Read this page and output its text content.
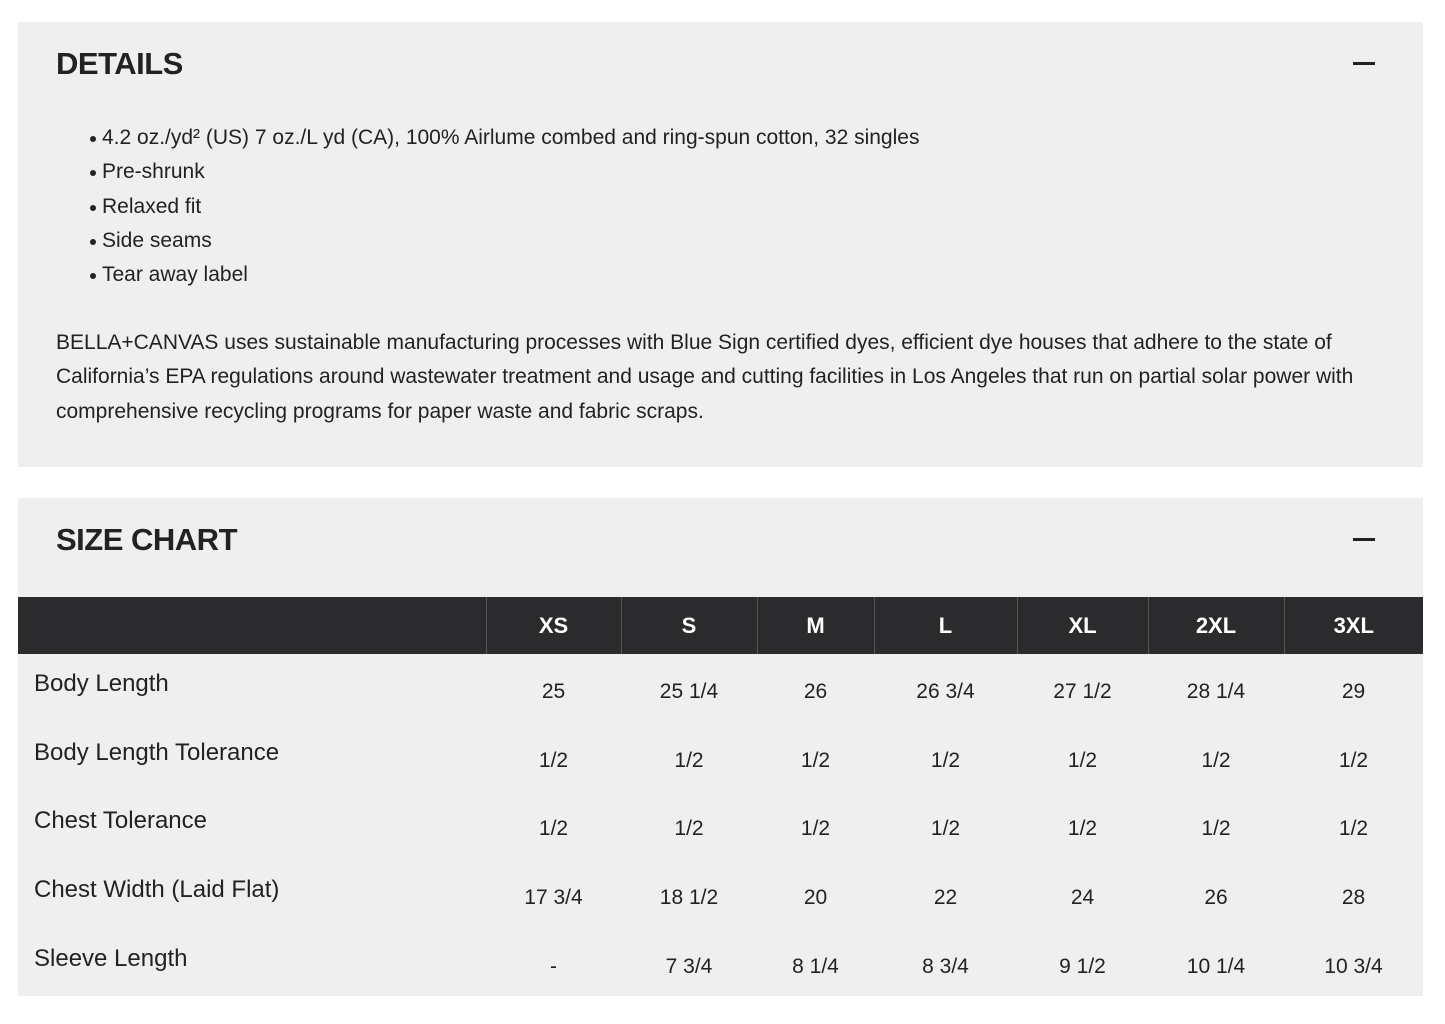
DETAILS
4.2 oz./yd² (US) 7 oz./L yd (CA), 100% Airlume combed and ring-spun cotton, 32 singles
Pre-shrunk
Relaxed fit
Side seams
Tear away label

BELLA+CANVAS uses sustainable manufacturing processes with Blue Sign certified dyes, efficient dye houses that adhere to the state of California’s EPA regulations around wastewater treatment and usage and cutting facilities in Los Angeles that run on partial solar power with comprehensive recycling programs for paper waste and fabric scraps.

SIZE CHART
	XS	S	M	L	XL	2XL	3XL
Body Length	25	25 1/4	26	26 3/4	27 1/2	28 1/4	29
Body Length Tolerance	1/2	1/2	1/2	1/2	1/2	1/2	1/2
Chest Tolerance	1/2	1/2	1/2	1/2	1/2	1/2	1/2
Chest Width (Laid Flat)	17 3/4	18 1/2	20	22	24	26	28
Sleeve Length	-	7 3/4	8 1/4	8 3/4	9 1/2	10 1/4	10 3/4
